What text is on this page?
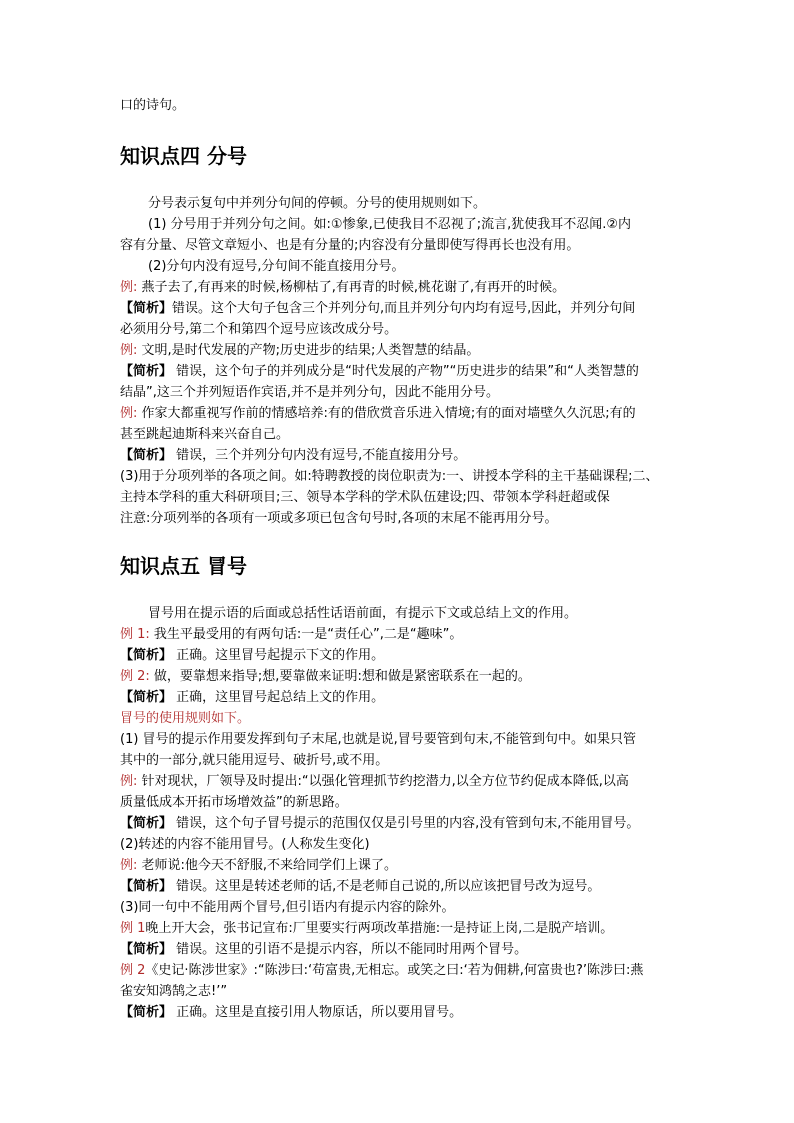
口的诗句。
知识点四 分号
分号表示复句中并列分句间的停顿。分号的使用规则如下。
(1) 分号用于并列分句之间。如:①惨象,已使我目不忍视了;流言,犹使我耳不忍闻.②内
容有分量、尽管文章短小、也是有分量的;内容没有分量即使写得再长也没有用。
(2)分句内没有逗号,分句间不能直接用分号。
例: 燕子去了,有再来的时候,杨柳枯了,有再青的时候,桃花谢了,有再开的时候。
【简析】错误。这个大句子包含三个并列分句,而且并列分句内均有逗号,因此，并列分句间
必须用分号,第二个和第四个逗号应该改成分号。
例: 文明,是时代发展的产物;历史进步的结果;人类智慧的结晶。
【简析】 错误，这个句子的并列成分是“时代发展的产物”“历史进步的结果”和“人类智慧的
结晶”,这三个并列短语作宾语,并不是并列分句，因此不能用分号。
例: 作家大都重视写作前的情感培养:有的借欣赏音乐进入情境;有的面对墙壁久久沉思;有的
甚至跳起迪斯科来兴奋自己。
【简析】 错误，三个并列分句内没有逗号,不能直接用分号。
(3)用于分项列举的各项之间。如:特聘教授的岗位职责为:一、讲授本学科的主干基础课程;二、
主持本学科的重大科研项目;三、领导本学科的学术队伍建设;四、带领本学科赶超或保
注意:分项列举的各项有一项或多项已包含句号时,各项的末尾不能再用分号。
知识点五 冒号
冒号用在提示语的后面或总括性话语前面，有提示下文或总结上文的作用。
例 1: 我生平最受用的有两句话:一是“责任心”,二是“趣味”。
【简析】 正确。这里冒号起提示下文的作用。
例 2: 做，要靠想来指导;想,要靠做来证明:想和做是紧密联系在一起的。
【简析】 正确，这里冒号起总结上文的作用。
冒号的使用规则如下。
(1) 冒号的提示作用要发挥到句子末尾,也就是说,冒号要管到句末,不能管到句中。如果只管
其中的一部分,就只能用逗号、破折号,或不用。
例: 针对现状，厂领导及时提出:“以强化管理抓节约挖潜力,以全方位节约促成本降低,以高
质量低成本开拓市场增效益”的新思路。
【简析】 错误，这个句子冒号提示的范围仅仅是引号里的内容,没有管到句末,不能用冒号。
(2)转述的内容不能用冒号。(人称发生变化)
例: 老师说:他今天不舒服,不来给同学们上课了。
【简析】 错误。这里是转述老师的话,不是老师自己说的,所以应该把冒号改为逗号。
(3)同一句中不能用两个冒号,但引语内有提示内容的除外。
例 1晚上开大会，张书记宣布:厂里要实行两项改革措施:一是持证上岗,二是脱产培训。
【简析】 错误。这里的引语不是提示内容，所以不能同时用两个冒号。
例 2《史记·陈涉世家》:“陈涉曰:‘苟富贵,无相忘。或笑之曰:‘若为佣耕,何富贵也?’陈涉曰:燕
雀安知鸿鹄之志!’”
【简析】 正确。这里是直接引用人物原话，所以要用冒号。
